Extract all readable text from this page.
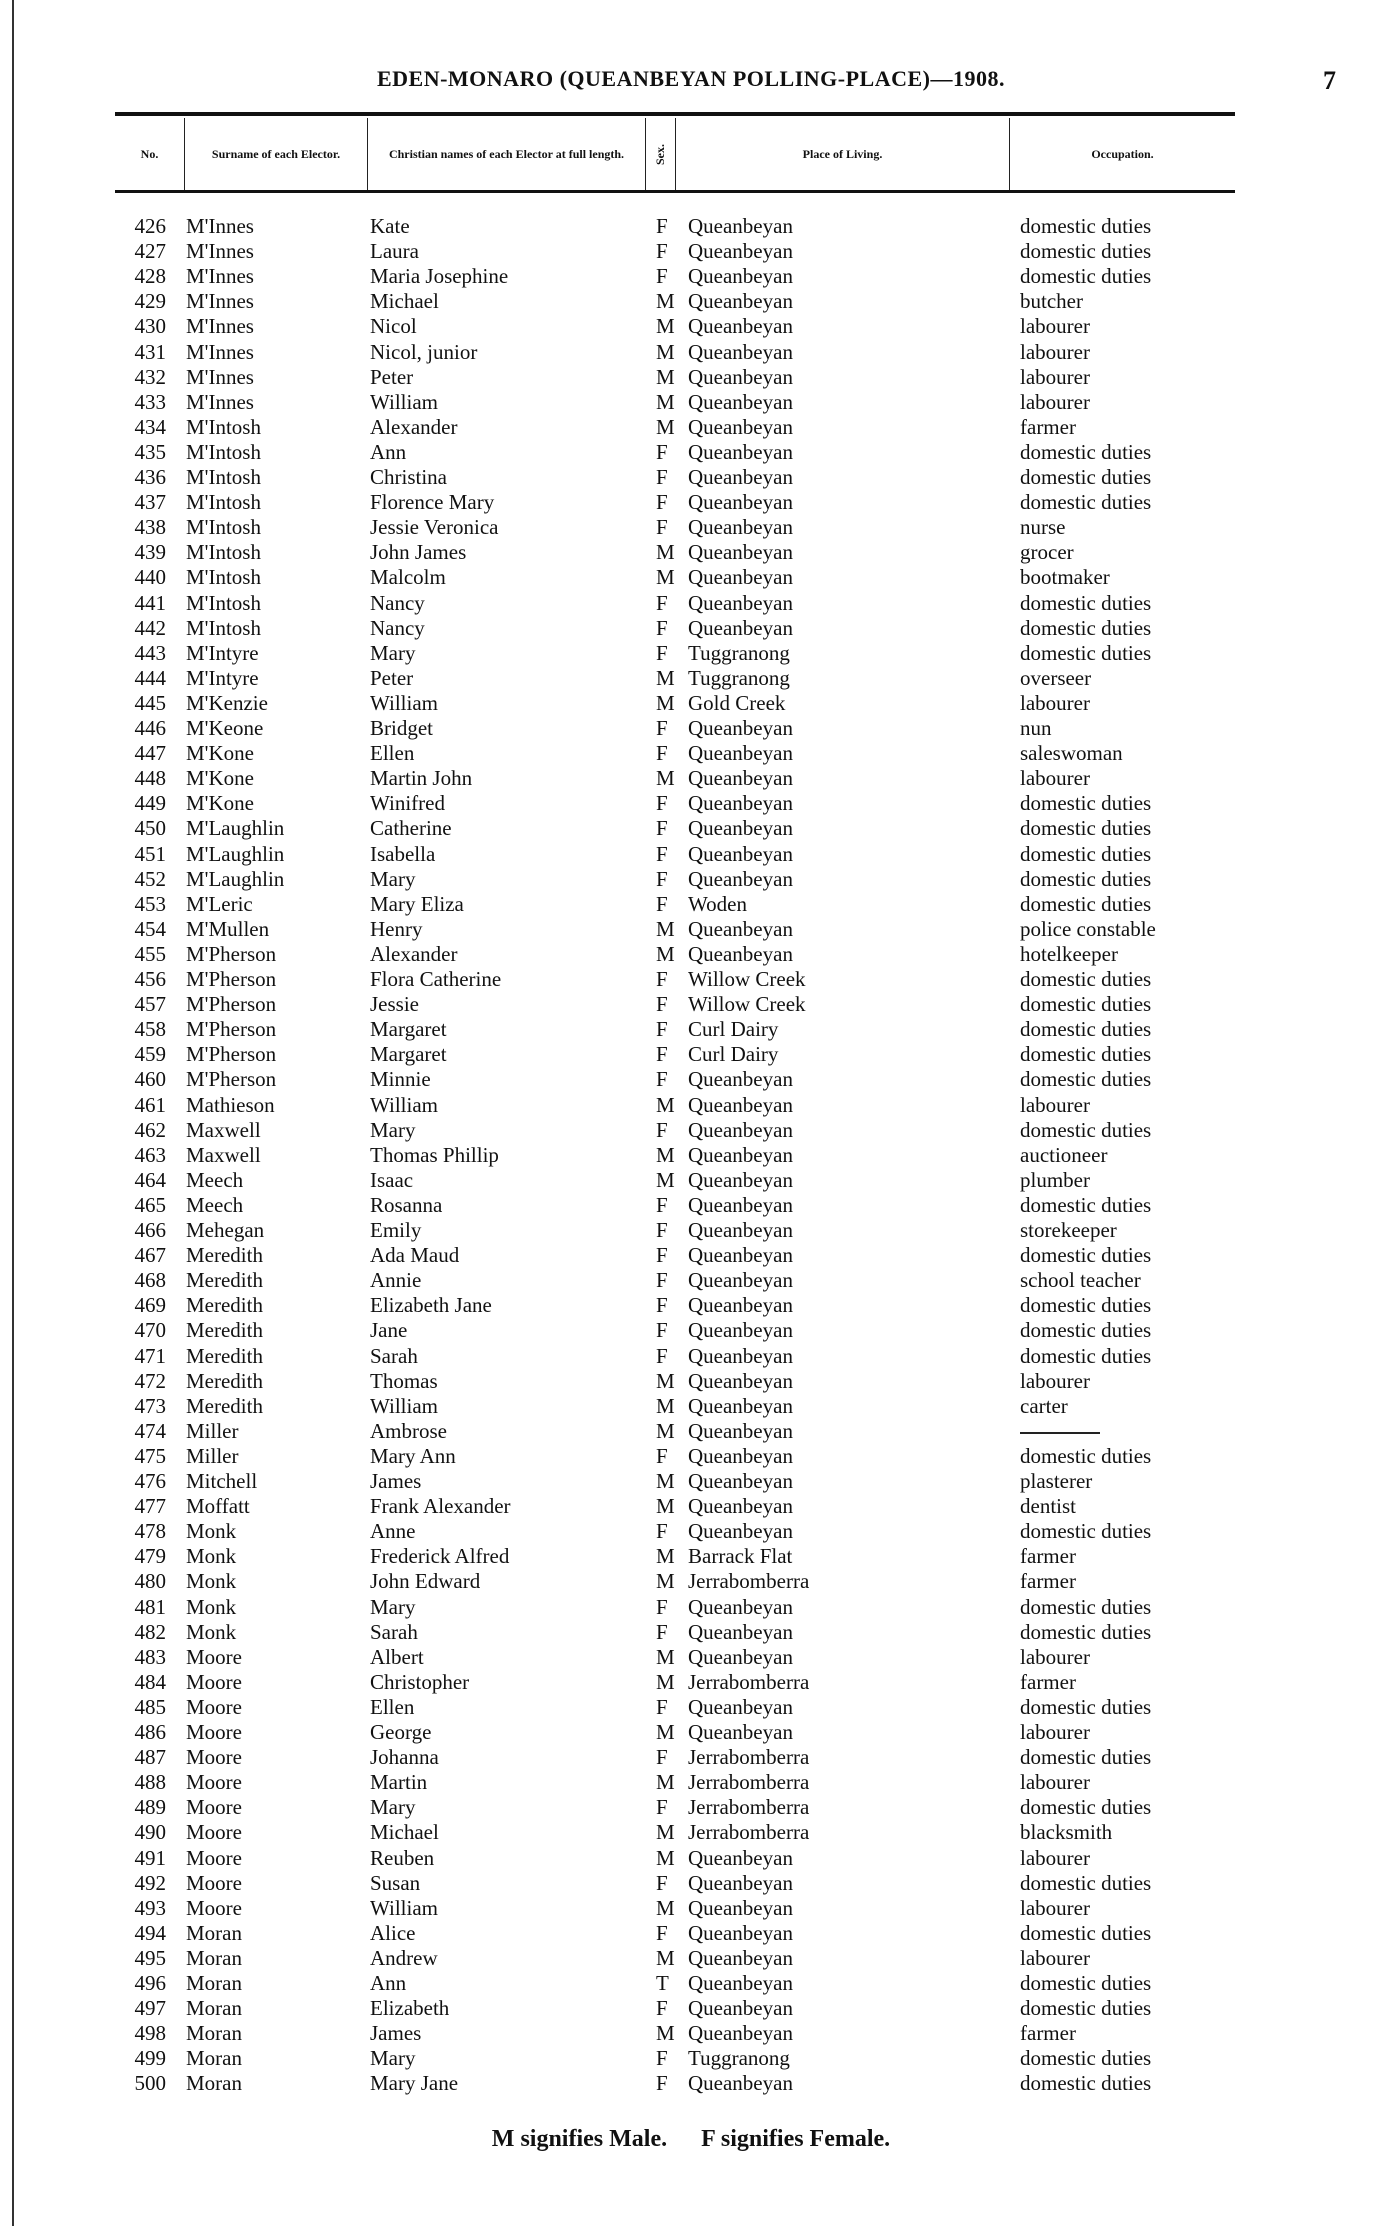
EDEN-MONARO (QUEANBEYAN POLLING-PLACE)—1908.	7
No.	Surname of each Elector.	Christian names of each Elector at full length.	Sex.	Place of Living.	Occupation.
426 M'Innes	Kate	F Queanbeyan	domestic duties
427 M'Innes	Laura	F Queanbeyan	domestic duties
428 M'Innes	Maria Josephine	F Queanbeyan	domestic duties
429 M'Innes	Michael	M Queanbeyan	butcher
430 M'Innes	Nicol	M Queanbeyan	labourer
431 M'Innes	Nicol, junior	M Queanbeyan	labourer
432 M'Innes	Peter	M Queanbeyan	labourer
433 M'Innes	William	M Queanbeyan	labourer
434 M'Intosh	Alexander	M Queanbeyan	farmer
435 M'Intosh	Ann	F Queanbeyan	domestic duties
436 M'Intosh	Christina	F Queanbeyan	domestic duties
437 M'Intosh	Florence Mary	F Queanbeyan	domestic duties
438 M'Intosh	Jessie Veronica	F Queanbeyan	nurse
439 M'Intosh	John James	M Queanbeyan	grocer
440 M'Intosh	Malcolm	M Queanbeyan	bootmaker
441 M'Intosh	Nancy	F Queanbeyan	domestic duties
442 M'Intosh	Nancy	F Queanbeyan	domestic duties
443 M'Intyre	Mary	F Tuggranong	domestic duties
444 M'Intyre	Peter	M Tuggranong	overseer
445 M'Kenzie	William	M Gold Creek	labourer
446 M'Keone	Bridget	F Queanbeyan	nun
447 M'Kone	Ellen	F Queanbeyan	saleswoman
448 M'Kone	Martin John	M Queanbeyan	labourer
449 M'Kone	Winifred	F Queanbeyan	domestic duties
450 M'Laughlin	Catherine	F Queanbeyan	domestic duties
451 M'Laughlin	Isabella	F Queanbeyan	domestic duties
452 M'Laughlin	Mary	F Queanbeyan	domestic duties
453 M'Leric	Mary Eliza	F Woden	domestic duties
454 M'Mullen	Henry	M Queanbeyan	police constable
455 M'Pherson	Alexander	M Queanbeyan	hotelkeeper
456 M'Pherson	Flora Catherine	F Willow Creek	domestic duties
457 M'Pherson	Jessie	F Willow Creek	domestic duties
458 M'Pherson	Margaret	F Curl Dairy	domestic duties
459 M'Pherson	Margaret	F Curl Dairy	domestic duties
460 M'Pherson	Minnie	F Queanbeyan	domestic duties
461 Mathieson	William	M Queanbeyan	labourer
462 Maxwell	Mary	F Queanbeyan	domestic duties
463 Maxwell	Thomas Phillip	M Queanbeyan	auctioneer
464 Meech	Isaac	M Queanbeyan	plumber
465 Meech	Rosanna	F Queanbeyan	domestic duties
466 Mehegan	Emily	F Queanbeyan	storekeeper
467 Meredith	Ada Maud	F Queanbeyan	domestic duties
468 Meredith	Annie	F Queanbeyan	school teacher
469 Meredith	Elizabeth Jane	F Queanbeyan	domestic duties
470 Meredith	Jane	F Queanbeyan	domestic duties
471 Meredith	Sarah	F Queanbeyan	domestic duties
472 Meredith	Thomas	M Queanbeyan	labourer
473 Meredith	William	M Queanbeyan	carter
474 Miller	Ambrose	M Queanbeyan
475 Miller	Mary Ann	F Queanbeyan	domestic duties
476 Mitchell	James	M Queanbeyan	plasterer
477 Moffatt	Frank Alexander	M Queanbeyan	dentist
478 Monk	Anne	F Queanbeyan	domestic duties
479 Monk	Frederick Alfred	M Barrack Flat	farmer
480 Monk	John Edward	M Jerrabomberra	farmer
481 Monk	Mary	F Queanbeyan	domestic duties
482 Monk	Sarah	F Queanbeyan	domestic duties
483 Moore	Albert	M Queanbeyan	labourer
484 Moore	Christopher	M Jerrabomberra	farmer
485 Moore	Ellen	F Queanbeyan	domestic duties
486 Moore	George	M Queanbeyan	labourer
487 Moore	Johanna	F Jerrabomberra	domestic duties
488 Moore	Martin	M Jerrabomberra	labourer
489 Moore	Mary	F Jerrabomberra	domestic duties
490 Moore	Michael	M Jerrabomberra	blacksmith
491 Moore	Reuben	M Queanbeyan	labourer
492 Moore	Susan	F Queanbeyan	domestic duties
493 Moore	William	M Queanbeyan	labourer
494 Moran	Alice	F Queanbeyan	domestic duties
495 Moran	Andrew	M Queanbeyan	labourer
496 Moran	Ann	T Queanbeyan	domestic duties
497 Moran	Elizabeth	F Queanbeyan	domestic duties
498 Moran	James	M Queanbeyan	farmer
499 Moran	Mary	F Tuggranong	domestic duties
500 Moran	Mary Jane	F Queanbeyan	domestic duties
M signifies Male. F signifies Female.
